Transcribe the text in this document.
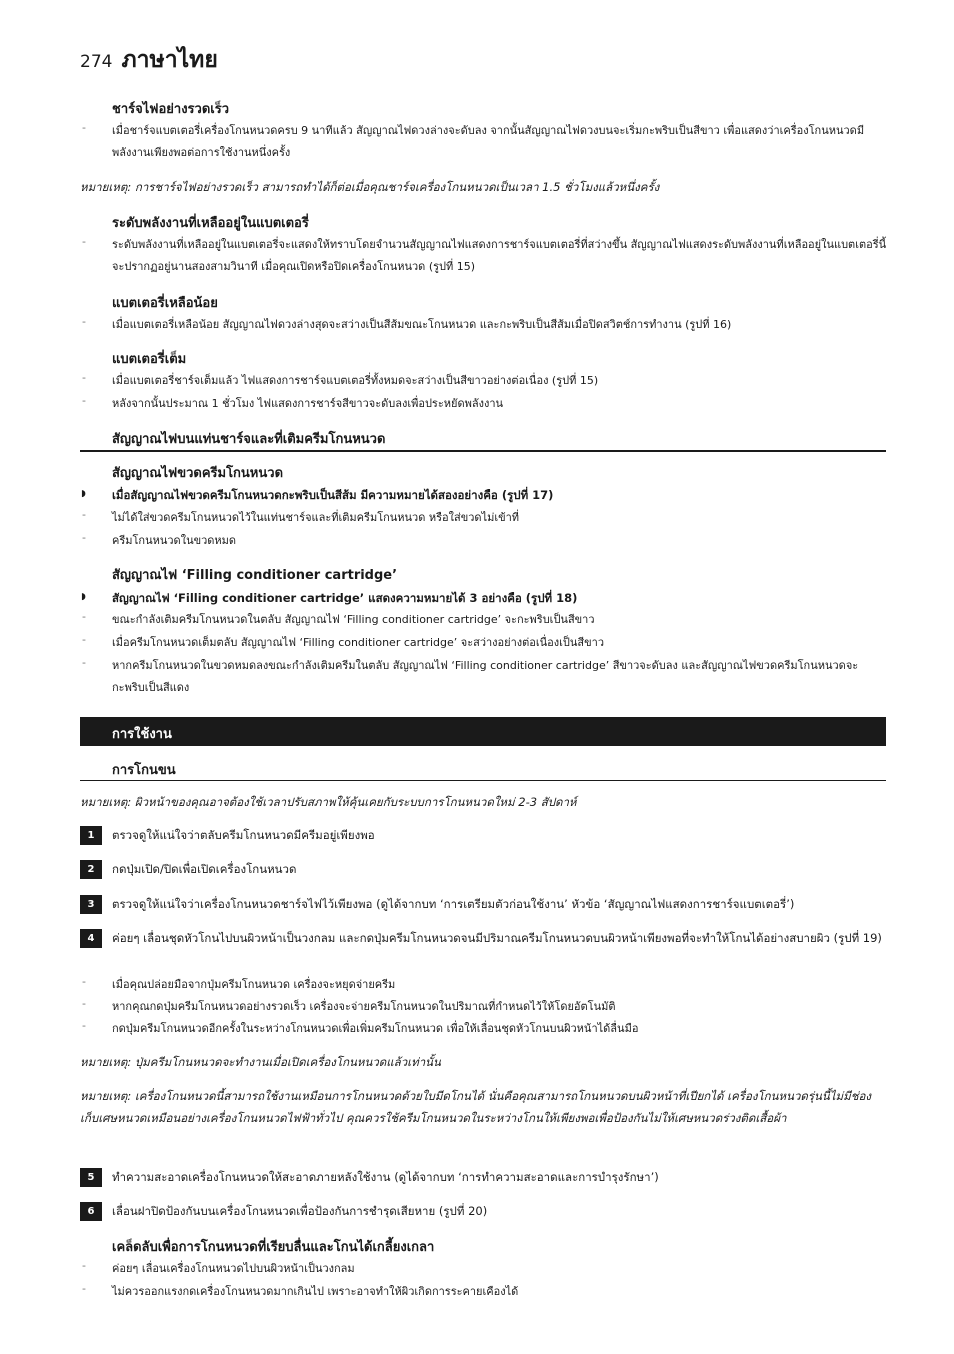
274 ภาษาไทย
ชาร์จไฟอย่างรวดเร็ว
- เมื่อชาร์จแบตเตอรี่เครื่องโกนหนวดครบ 9 นาทีแล้ว สัญญาณไฟดวงล่างจะดับลง จากนั้นสัญญาณไฟดวงบนจะเริ่มกะพริบเป็นสีขาว เพื่อแสดงว่าเครื่องโกนหนวดมีพลังงานเพียงพอต่อการใช้งานหนึ่งครั้ง
หมายเหตุ: การชาร์จไฟอย่างรวดเร็ว สามารถทำได้ก็ต่อเมื่อคุณชาร์จเครื่องโกนหนวดเป็นเวลา 1.5 ชั่วโมงแล้วหนึ่งครั้ง
ระดับพลังงานที่เหลืออยู่ในแบตเตอรี่
- ระดับพลังงานที่เหลืออยู่ในแบตเตอรี่จะแสดงให้ทราบโดยจำนวนสัญญาณไฟแสดงการชาร์จแบตเตอรี่ที่สว่างขึ้น สัญญาณไฟแสดงระดับพลังงานที่เหลืออยู่ในแบตเตอรี่นี้จะปรากฏอยู่นานสองสามวินาที เมื่อคุณเปิดหรือปิดเครื่องโกนหนวด (รูปที่ 15)
แบตเตอรี่เหลือน้อย
- เมื่อแบตเตอรี่เหลือน้อย สัญญาณไฟดวงล่างสุดจะสว่างเป็นสีส้มขณะโกนหนวด และกะพริบเป็นสีส้มเมื่อปิดสวิตช์การทำงาน (รูปที่ 16)
แบตเตอรี่เต็ม
- เมื่อแบตเตอรี่ชาร์จเต็มแล้ว ไฟแสดงการชาร์จแบตเตอรี่ทั้งหมดจะสว่างเป็นสีขาวอย่างต่อเนื่อง (รูปที่ 15)
- หลังจากนั้นประมาณ 1 ชั่วโมง ไฟแสดงการชาร์จสีขาวจะดับลงเพื่อประหยัดพลังงาน
สัญญาณไฟบนแท่นชาร์จและที่เติมครีมโกนหนวด
สัญญาณไฟขวดครีมโกนหนวด
◗ เมื่อสัญญาณไฟขวดครีมโกนหนวดกะพริบเป็นสีส้ม มีความหมายได้สองอย่างคือ (รูปที่ 17)
- ไม่ได้ใส่ขวดครีมโกนหนวดไว้ในแท่นชาร์จและที่เติมครีมโกนหนวด หรือใส่ขวดไม่เข้าที่
- ครีมโกนหนวดในขวดหมด
สัญญาณไฟ ‘Filling conditioner cartridge’
◗ สัญญาณไฟ ‘Filling conditioner cartridge’ แสดงความหมายได้ 3 อย่างคือ (รูปที่ 18)
- ขณะกำลังเติมครีมโกนหนวดในตลับ สัญญาณไฟ ‘Filling conditioner cartridge’ จะกะพริบเป็นสีขาว
- เมื่อครีมโกนหนวดเต็มตลับ สัญญาณไฟ ‘Filling conditioner cartridge’ จะสว่างอย่างต่อเนื่องเป็นสีขาว
- หากครีมโกนหนวดในขวดหมดลงขณะกำลังเติมครีมในตลับ สัญญาณไฟ ‘Filling conditioner cartridge’ สีขาวจะดับลง และสัญญาณไฟขวดครีมโกนหนวดจะกะพริบเป็นสีแดง
การใช้งาน
การโกนขน
หมายเหตุ: ผิวหน้าของคุณอาจต้องใช้เวลาปรับสภาพให้คุ้นเคยกับระบบการโกนหนวดใหม่ 2-3 สัปดาห์
1	ตรวจดูให้แน่ใจว่าตลับครีมโกนหนวดมีครีมอยู่เพียงพอ
2	กดปุ่มเปิด/ปิดเพื่อเปิดเครื่องโกนหนวด
3	ตรวจดูให้แน่ใจว่าเครื่องโกนหนวดชาร์จไฟไว้เพียงพอ (ดูได้จากบท ‘การเตรียมตัวก่อนใช้งาน’ หัวข้อ ‘สัญญาณไฟแสดงการชาร์จแบตเตอรี่’)
4	ค่อยๆ เลื่อนชุดหัวโกนไปบนผิวหน้าเป็นวงกลม และกดปุ่มครีมโกนหนวดจนมีปริมาณครีมโกนหนวดบนผิวหน้าเพียงพอที่จะทำให้โกนได้อย่างสบายผิว (รูปที่ 19)
- เมื่อคุณปล่อยมือจากปุ่มครีมโกนหนวด เครื่องจะหยุดจ่ายครีม
- หากคุณกดปุ่มครีมโกนหนวดอย่างรวดเร็ว เครื่องจะจ่ายครีมโกนหนวดในปริมาณที่กำหนดไว้ให้โดยอัตโนมัติ
- กดปุ่มครีมโกนหนวดอีกครั้งในระหว่างโกนหนวดเพื่อเพิ่มครีมโกนหนวด เพื่อให้เลื่อนชุดหัวโกนบนผิวหน้าได้ลื่นมือ
หมายเหตุ: ปุ่มครีมโกนหนวดจะทำงานเมื่อเปิดเครื่องโกนหนวดแล้วเท่านั้น
หมายเหตุ: เครื่องโกนหนวดนี้สามารถใช้งานเหมือนการโกนหนวดด้วยใบมีดโกนได้ นั่นคือคุณสามารถโกนหนวดบนผิวหน้าที่เปียกได้ เครื่องโกนหนวดรุ่นนี้ไม่มีช่องเก็บเศษหนวดเหมือนอย่างเครื่องโกนหนวดไฟฟ้าทั่วไป คุณควรใช้ครีมโกนหนวดในระหว่างโกนให้เพียงพอเพื่อป้องกันไม่ให้เศษหนวดร่วงติดเสื้อผ้า
5	ทำความสะอาดเครื่องโกนหนวดให้สะอาดภายหลังใช้งาน (ดูได้จากบท ‘การทำความสะอาดและการบำรุงรักษา’)
6	เลื่อนฝาปิดป้องกันบนเครื่องโกนหนวดเพื่อป้องกันการชำรุดเสียหาย (รูปที่ 20)
เคล็ดลับเพื่อการโกนหนวดที่เรียบลื่นและโกนได้เกลี้ยงเกลา
- ค่อยๆ เลื่อนเครื่องโกนหนวดไปบนผิวหน้าเป็นวงกลม
- ไม่ควรออกแรงกดเครื่องโกนหนวดมากเกินไป เพราะอาจทำให้ผิวเกิดการระคายเคืองได้
